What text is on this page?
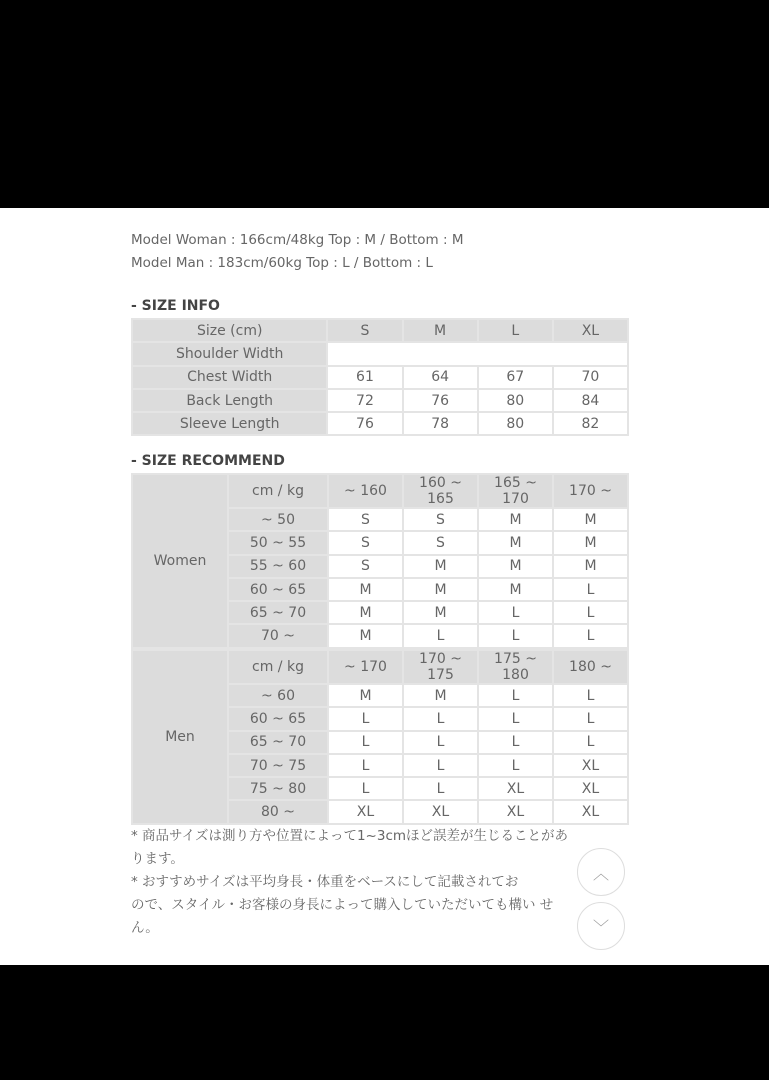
Model Woman : 166cm/48kg Top : M / Bottom : M
Model Man : 183cm/60kg Top : L / Bottom : L
- SIZE INFO
Size (cm)	S	M	L	XL
Shoulder Width				
Chest Width	61	64	67	70
Back Length	72	76	80	84
Sleeve Length	76	78	80	82
- SIZE RECOMMEND
Women	cm / kg	~ 160	160 ~ 165	165 ~ 170	170 ~
	~ 50	S	S	M	M
	50 ~ 55	S	S	M	M
	55 ~ 60	S	M	M	M
	60 ~ 65	M	M	M	L
	65 ~ 70	M	M	L	L
	70 ~	M	L	L	L
Men	cm / kg	~ 170	170 ~ 175	175 ~ 180	180 ~
	~ 60	M	M	L	L
	60 ~ 65	L	L	L	L
	65 ~ 70	L	L	L	L
	70 ~ 75	L	L	L	XL
	75 ~ 80	L	L	XL	XL
	80 ~	XL	XL	XL	XL
* 商品サイズは測り方や位置によって1~3cmほど誤差が生じることがあ
ります。
* おすすめサイズは平均身長・体重をベースにして記載されてお
ので、スタイル・お客様の身長によって購入していただいても構い せ
ん。
︿
﹀
